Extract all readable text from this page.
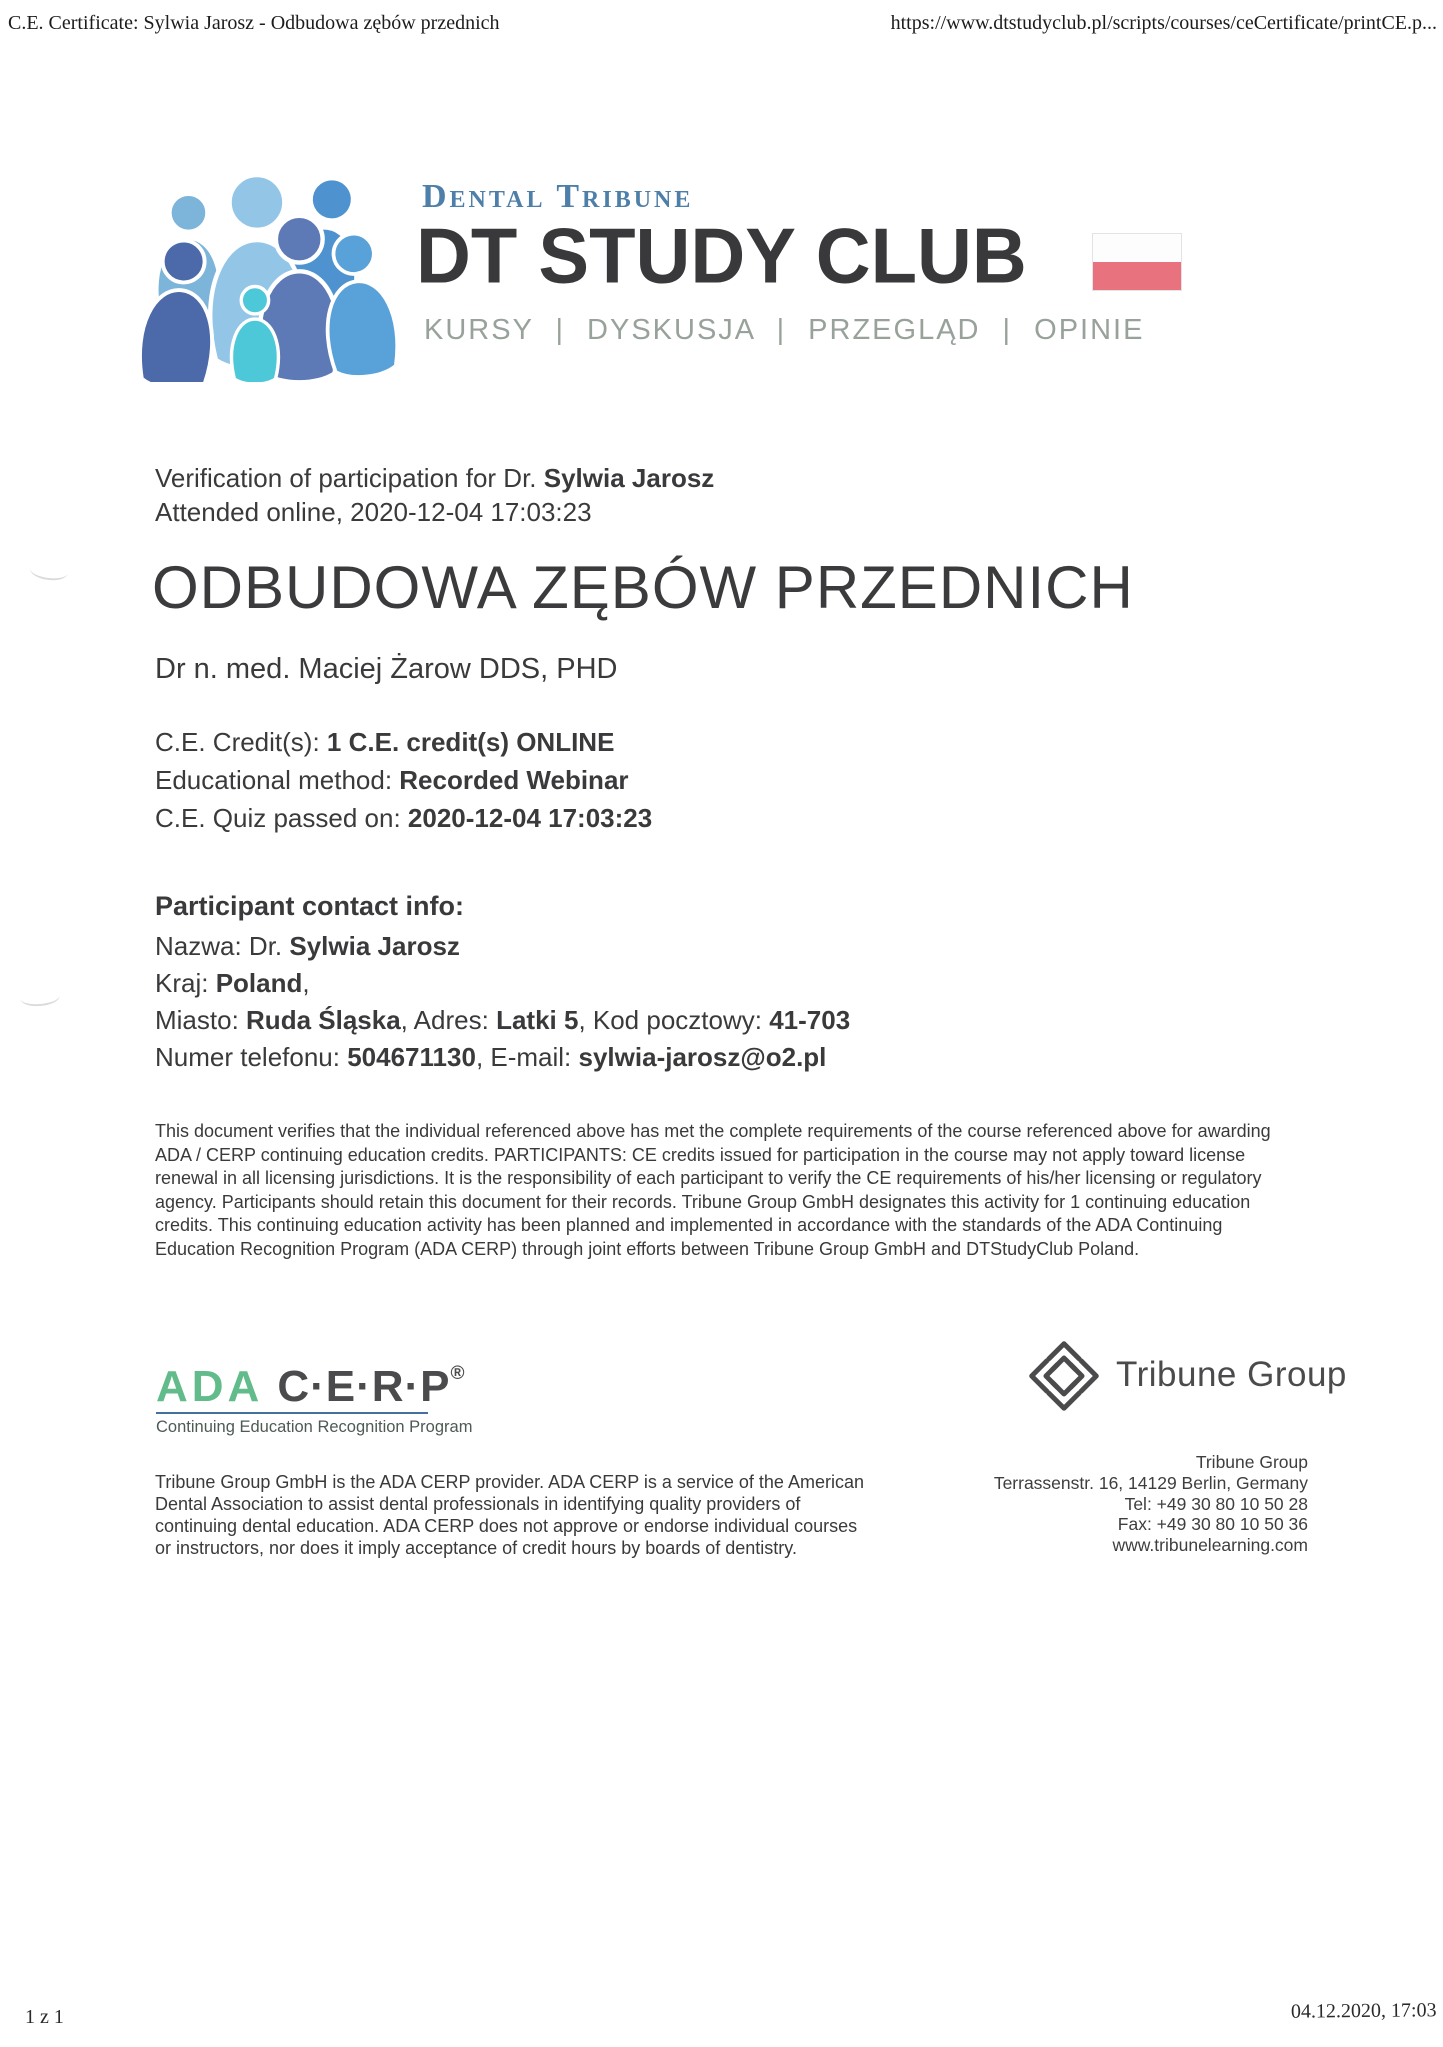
C.E. Certificate: Sylwia Jarosz - Odbudowa zębów przednich	https://www.dtstudyclub.pl/scripts/courses/ceCertificate/printCE.p...
Dental Tribune
DT STUDY CLUB
KURSY | DYSKUSJA | PRZEGLĄD | OPINIE
Verification of participation for Dr. Sylwia Jarosz
Attended online, 2020-12-04 17:03:23
ODBUDOWA ZĘBÓW PRZEDNICH
Dr n. med. Maciej Żarow DDS, PHD
C.E. Credit(s): 1 C.E. credit(s) ONLINE
Educational method: Recorded Webinar
C.E. Quiz passed on: 2020-12-04 17:03:23
Participant contact info:
Nazwa: Dr. Sylwia Jarosz
Kraj: Poland,
Miasto: Ruda Śląska, Adres: Latki 5, Kod pocztowy: 41-703
Numer telefonu: 504671130, E-mail: sylwia-jarosz@o2.pl
This document verifies that the individual referenced above has met the complete requirements of the course referenced above for awarding ADA / CERP continuing education credits. PARTICIPANTS: CE credits issued for participation in the course may not apply toward license renewal in all licensing jurisdictions. It is the responsibility of each participant to verify the CE requirements of his/her licensing or regulatory agency. Participants should retain this document for their records. Tribune Group GmbH designates this activity for 1 continuing education credits. This continuing education activity has been planned and implemented in accordance with the standards of the ADA Continuing Education Recognition Program (ADA CERP) through joint efforts between Tribune Group GmbH and DTStudyClub Poland.
ADA C·E·R·P®
Continuing Education Recognition Program
Tribune Group
Tribune Group
Terrassenstr. 16, 14129 Berlin, Germany
Tel: +49 30 80 10 50 28
Fax: +49 30 80 10 50 36
www.tribunelearning.com
Tribune Group GmbH is the ADA CERP provider. ADA CERP is a service of the American Dental Association to assist dental professionals in identifying quality providers of continuing dental education. ADA CERP does not approve or endorse individual courses or instructors, nor does it imply acceptance of credit hours by boards of dentistry.
1 z 1	04.12.2020, 17:03
